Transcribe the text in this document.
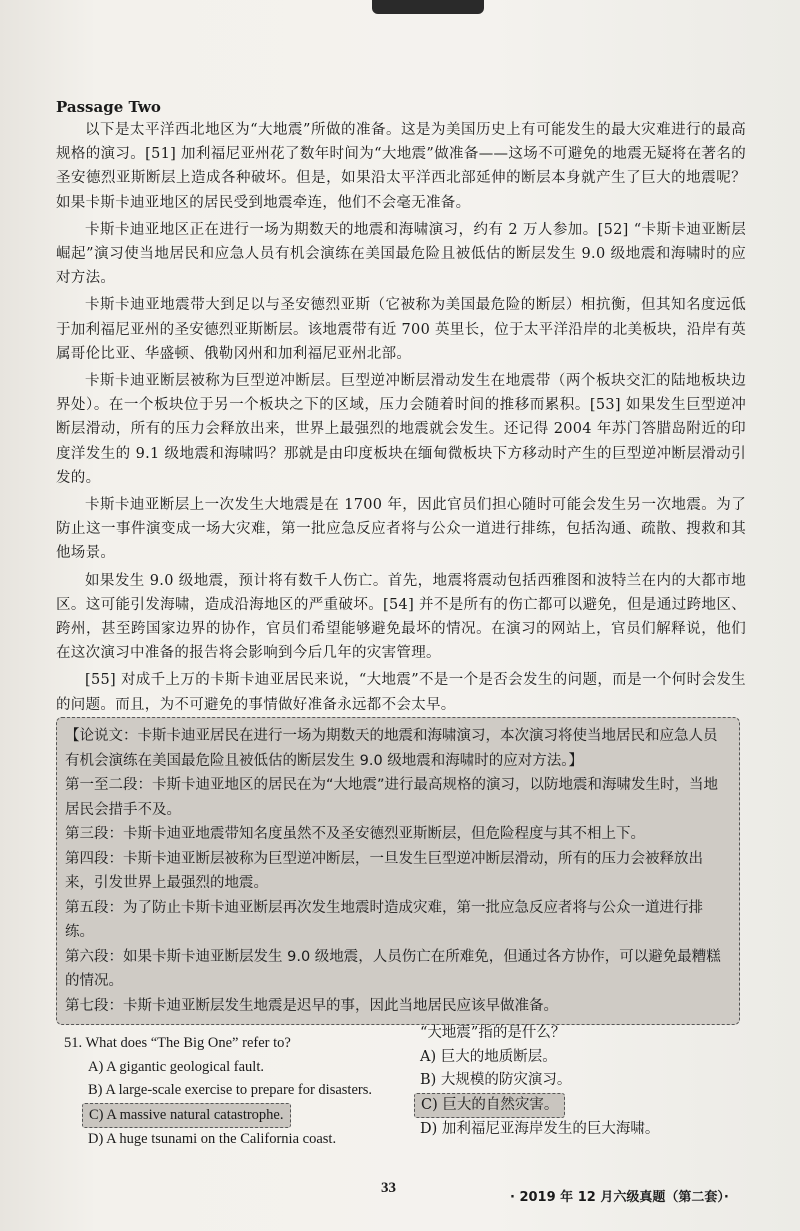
Passage Two

以下是太平洋西北地区为“大地震”所做的准备。这是为美国历史上有可能发生的最大灾难进行的最高规格的演习。[51] 加利福尼亚州花了数年时间为“大地震”做准备——这场不可避免的地震无疑将在著名的圣安德烈亚斯断层上造成各种破坏。但是，如果沿太平洋西北部延伸的断层本身就产生了巨大的地震呢？如果卡斯卡迪亚地区的居民受到地震牵连，他们不会毫无准备。

卡斯卡迪亚地区正在进行一场为期数天的地震和海啸演习，约有 2 万人参加。[52] “卡斯卡迪亚断层崛起”演习使当地居民和应急人员有机会演练在美国最危险且被低估的断层发生 9.0 级地震和海啸时的应对方法。

卡斯卡迪亚地震带大到足以与圣安德烈亚斯（它被称为美国最危险的断层）相抗衡，但其知名度远低于加利福尼亚州的圣安德烈亚斯断层。该地震带有近 700 英里长，位于太平洋沿岸的北美板块，沿岸有英属哥伦比亚、华盛顿、俄勒冈州和加利福尼亚州北部。

卡斯卡迪亚断层被称为巨型逆冲断层。巨型逆冲断层滑动发生在地震带（两个板块交汇的陆地板块边界处）。在一个板块位于另一个板块之下的区域，压力会随着时间的推移而累积。[53] 如果发生巨型逆冲断层滑动，所有的压力会释放出来，世界上最强烈的地震就会发生。还记得 2004 年苏门答腊岛附近的印度洋发生的 9.1 级地震和海啸吗？那就是由印度板块在缅甸微板块下方移动时产生的巨型逆冲断层滑动引发的。

卡斯卡迪亚断层上一次发生大地震是在 1700 年，因此官员们担心随时可能会发生另一次地震。为了防止这一事件演变成一场大灾难，第一批应急反应者将与公众一道进行排练，包括沟通、疏散、搜救和其他场景。

如果发生 9.0 级地震，预计将有数千人伤亡。首先，地震将震动包括西雅图和波特兰在内的大都市地区。这可能引发海啸，造成沿海地区的严重破坏。[54] 并不是所有的伤亡都可以避免，但是通过跨地区、跨州，甚至跨国家边界的协作，官员们希望能够避免最坏的情况。在演习的网站上，官员们解释说，他们在这次演习中准备的报告将会影响到今后几年的灾害管理。

[55] 对成千上万的卡斯卡迪亚居民来说，“大地震”不是一个是否会发生的问题，而是一个何时会发生的问题。而且，为不可避免的事情做好准备永远都不会太早。

【论说文：卡斯卡迪亚居民在进行一场为期数天的地震和海啸演习，本次演习将使当地居民和应急人员有机会演练在美国最危险且被低估的断层发生 9.0 级地震和海啸时的应对方法。】

第一至二段：卡斯卡迪亚地区的居民在为“大地震”进行最高规格的演习，以防地震和海啸发生时，当地居民会措手不及。

第三段：卡斯卡迪亚地震带知名度虽然不及圣安德烈亚斯断层，但危险程度与其不相上下。

第四段：卡斯卡迪亚断层被称为巨型逆冲断层，一旦发生巨型逆冲断层滑动，所有的压力会被释放出来，引发世界上最强烈的地震。

第五段：为了防止卡斯卡迪亚断层再次发生地震时造成灾难，第一批应急反应者将与公众一道进行排练。

第六段：如果卡斯卡迪亚断层发生 9.0 级地震，人员伤亡在所难免，但通过各方协作，可以避免最糟糕的情况。

第七段：卡斯卡迪亚断层发生地震是迟早的事，因此当地居民应该早做准备。

51. What does “The Big One” refer to?
A) A gigantic geological fault.
B) A large-scale exercise to prepare for disasters.
C) A massive natural catastrophe.
D) A huge tsunami on the California coast.
“大地震”指的是什么？
A) 巨大的地质断层。
B) 大规模的防灾演习。
C) 巨大的自然灾害。
D) 加利福尼亚海岸发生的巨大海啸。
33
· 2019 年 12 月六级真题（第二套）·
